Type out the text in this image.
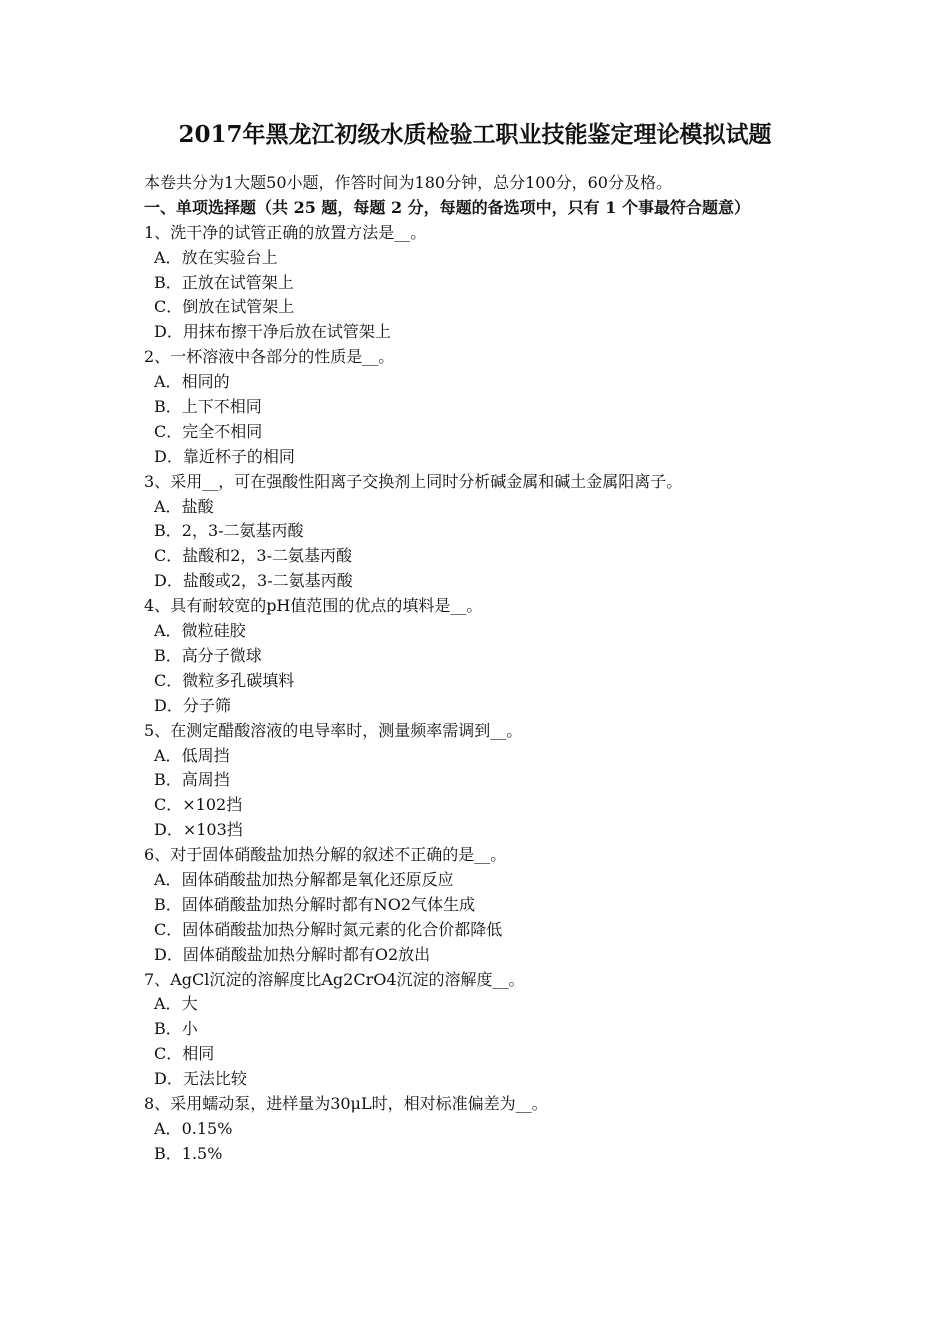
2017年黑龙江初级水质检验工职业技能鉴定理论模拟试题
本卷共分为1大题50小题，作答时间为180分钟，总分100分，60分及格。
一、单项选择题（共 25 题，每题 2 分，每题的备选项中，只有 1 个事最符合题意）
1、洗干净的试管正确的放置方法是__。
A．放在实验台上
B．正放在试管架上
C．倒放在试管架上
D．用抹布擦干净后放在试管架上
2、一杯溶液中各部分的性质是__。
A．相同的
B．上下不相同
C．完全不相同
D．靠近杯子的相同
3、采用__，可在强酸性阳离子交换剂上同时分析碱金属和碱土金属阳离子。
A．盐酸
B．2，3-二氨基丙酸
C．盐酸和2，3-二氨基丙酸
D．盐酸或2，3-二氨基丙酸
4、具有耐较宽的pH值范围的优点的填料是__。
A．微粒硅胶
B．高分子微球
C．微粒多孔碳填料
D．分子筛
5、在测定醋酸溶液的电导率时，测量频率需调到__。
A．低周挡
B．高周挡
C．×102挡
D．×103挡
6、对于固体硝酸盐加热分解的叙述不正确的是__。
A．固体硝酸盐加热分解都是氧化还原反应
B．固体硝酸盐加热分解时都有NO2气体生成
C．固体硝酸盐加热分解时氮元素的化合价都降低
D．固体硝酸盐加热分解时都有O2放出
7、AgCl沉淀的溶解度比Ag2CrO4沉淀的溶解度__。
A．大
B．小
C．相同
D．无法比较
8、采用蠕动泵，进样量为30μL时，相对标准偏差为__。
A．0.15%
B．1.5%
